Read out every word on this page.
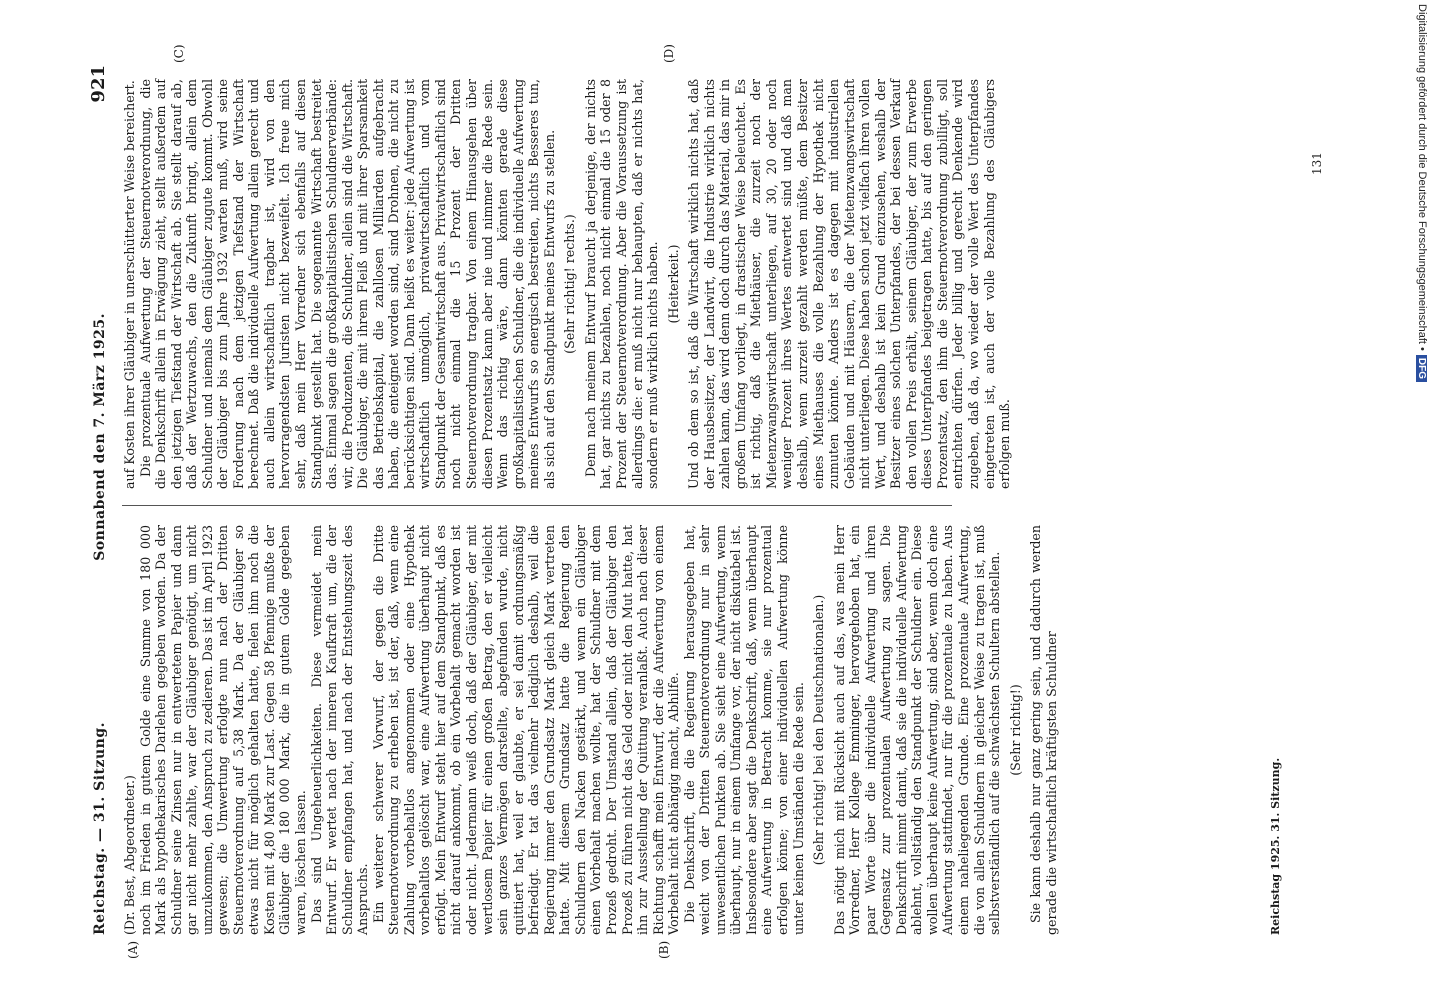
Reichstag. — 31. Sitzung.                              Sonnabend den 7. März 1925.
921
(A)	(B)
(C)	(D)

(Dr. Best, Abgeordneter.) noch im Frieden in gutem Golde eine Summe von 180 000 Mark als hypothekarisches Darlehen gegeben worden. Da der Schuldner seine Zinsen nur in entwertetem Papier und dann gar nicht mehr zahlte, war der Gläubiger genötigt, um nicht umzukommen, den Anspruch zu zedieren. Das ist im April 1923 gewesen; die Umwertung erfolgte nun nach der Dritten Steuernotverordnung auf 5,38 Mark. Da der Gläubiger so etwas nicht für möglich gehalten hatte, fielen ihm noch die Kosten mit 4,80 Mark zur Last. Gegen 58 Pfennige mußte der Gläubiger die 180 000 Mark, die in gutem Golde gegeben waren, löschen lassen. Das sind Ungeheuerlichkeiten. Diese vermeidet mein Entwurf. Er wertet nach der inneren Kaufkraft um, die der Schuldner empfangen hat, und nach der Entstehungszeit des Anspruchs. Ein weiterer schwerer Vorwurf, der gegen die Dritte Steuernotverordnung zu erheben ist, ist der, daß, wenn eine Zahlung vorbehaltlos angenommen oder eine Hypothek vorbehaltlos gelöscht war, eine Aufwertung überhaupt nicht erfolgt. Mein Entwurf steht hier auf dem Standpunkt, daß es nicht darauf ankommt, ob ein Vorbehalt gemacht worden ist oder nicht. Jedermann weiß doch, daß der Gläubiger, der mit wertlosem Papier für einen großen Betrag, den er vielleicht sein ganzes Vermögen darstellte, abgefunden wurde, nicht quittiert hat, weil er glaubte, er sei damit ordnungsmäßig befriedigt. Er tat das vielmehr lediglich deshalb, weil die Regierung immer den Grundsatz Mark gleich Mark vertreten hatte. Mit diesem Grundsatz hatte die Regierung den Schuldnern den Nacken gestärkt, und wenn ein Gläubiger einen Vorbehalt machen wollte, hat der Schuldner mit dem Prozeß gedroht. Der Umstand allein, daß der Gläubiger den Prozeß zu führen nicht das Geld oder nicht den Mut hatte, hat ihn zur Ausstellung der Quittung veranlaßt. Auch nach dieser Richtung schafft mein Entwurf, der die Aufwertung von einem Vorbehalt nicht abhängig macht, Abhilfe. Die Denkschrift, die die Regierung herausgegeben hat, weicht von der Dritten Steuernotverordnung nur in sehr unwesentlichen Punkten ab. Sie sieht eine Aufwertung, wenn überhaupt, nur in einem Umfange vor, der nicht diskutabel ist. Insbesondere aber sagt die Denkschrift, daß, wenn überhaupt eine Aufwertung in Betracht komme, sie nur prozentual erfolgen könne; von einer individuellen Aufwertung könne unter keinen Umständen die Rede sein. (Sehr richtig! bei den Deutschnationalen.) Das nötigt mich mit Rücksicht auch auf das, was mein Herr Vorredner, Herr Kollege Emminger, hervorgehoben hat, ein paar Worte über die individuelle Aufwertung und ihren Gegensatz zur prozentualen Aufwertung zu sagen. Die Denkschrift nimmt damit, daß sie die individuelle Aufwertung ablehnt, vollständig den Standpunkt der Schuldner ein. Diese wollen überhaupt keine Aufwertung, sind aber, wenn doch eine Aufwertung stattfindet, nur für die prozentuale zu haben. Aus einem naheliegenden Grunde. Eine prozentuale Aufwertung, die von allen Schuldnern in gleicher Weise zu tragen ist, muß selbstverständlich auf die schwächsten Schultern abstellen. (Sehr richtig!) Sie kann deshalb nur ganz gering sein, und dadurch werden gerade die wirtschaftlich kräftigsten Schuldner

auf Kosten ihrer Gläubiger in unerschütterter Weise bereichert. Die prozentuale Aufwertung der Steuernotverordnung, die die Denkschrift allein in Erwägung zieht, stellt außerdem auf den jetzigen Tiefstand der Wirtschaft ab. Sie stellt darauf ab, daß der Wertzuwachs, den die Zukunft bringt, allein dem Schuldner und niemals dem Gläubiger zugute kommt. Obwohl der Gläubiger bis zum Jahre 1932 warten muß, wird seine Forderung nach dem jetzigen Tiefstand der Wirtschaft berechnet. Daß die individuelle Aufwertung allein gerecht und auch allein wirtschaftlich tragbar ist, wird von den hervorragendsten Juristen nicht bezweifelt. Ich freue mich sehr, daß mein Herr Vorredner sich ebenfalls auf diesen Standpunkt gestellt hat. Die sogenannte Wirtschaft bestreitet das. Einmal sagen die großkapitalistischen Schuldnerverbände: wir, die Produzenten, die Schuldner, allein sind die Wirtschaft. Die Gläubiger, die mit ihrem Fleiß und mit ihrer Sparsamkeit das Betriebskapital, die zahllosen Milliarden aufgebracht haben, die enteignet worden sind, sind Drohnen, die nicht zu berücksichtigen sind. Dann heißt es weiter: jede Aufwertung ist wirtschaftlich unmöglich, privatwirtschaftlich und vom Standpunkt der Gesamtwirtschaft aus. Privatwirtschaftlich sind noch nicht einmal die 15 Prozent der Dritten Steuernotverordnung tragbar. Von einem Hinausgehen über diesen Prozentsatz kann aber nie und nimmer die Rede sein. Wenn das richtig wäre, dann könnten gerade diese großkapitalistischen Schuldner, die die individuelle Aufwertung meines Entwurfs so energisch bestreiten, nichts Besseres tun, als sich auf den Standpunkt meines Entwurfs zu stellen. (Sehr richtig! rechts.) Denn nach meinem Entwurf braucht ja derjenige, der nichts hat, gar nichts zu bezahlen, noch nicht einmal die 15 oder 8 Prozent der Steuernotverordnung. Aber die Voraussetzung ist allerdings die: er muß nicht nur behaupten, daß er nichts hat, sondern er muß wirklich nichts haben. (Heiterkeit.) Und ob dem so ist, daß die Wirtschaft wirklich nichts hat, daß der Hausbesitzer, der Landwirt, die Industrie wirklich nichts zahlen kann, das wird denn doch durch das Material, das mir in großem Umfang vorliegt, in drastischer Weise beleuchtet. Es ist richtig, daß die Miethäuser, die zurzeit noch der Mietenzwangswirtschaft unterliegen, auf 30, 20 oder noch weniger Prozent ihres Wertes entwertet sind und daß man deshalb, wenn zurzeit gezahlt werden müßte, dem Besitzer eines Miethauses die volle Bezahlung der Hypothek nicht zumuten könnte. Anders ist es dagegen mit industriellen Gebäuden und mit Häusern, die der Mietenzwangswirtschaft nicht unterliegen. Diese haben schon jetzt vielfach ihren vollen Wert, und deshalb ist kein Grund einzusehen, weshalb der Besitzer eines solchen Unterpfandes, der bei dessen Verkauf den vollen Preis erhält, seinem Gläubiger, der zum Erwerbe dieses Unterpfandes beigetragen hatte, bis auf den geringen Prozentsatz, den ihm die Steuernotverordnung zubilligt, soll entrichten dürfen. Jeder billig und gerecht Denkende wird zugeben, daß da, wo wieder der volle Wert des Unterpfandes eingetreten ist, auch der volle Bezahlung des Gläubigers erfolgen muß.

Reichstag 1925. 31. Sitzung.
131	Digitalisierung gefördert durch die Deutsche Forschungsgemeinschaft •DFG
